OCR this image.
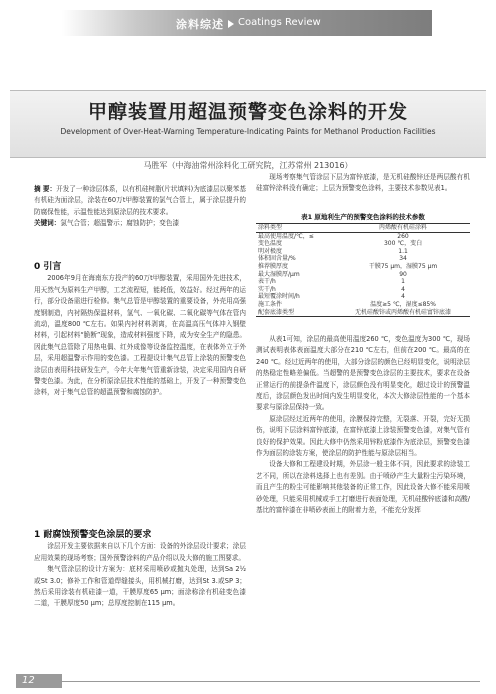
涂料综述 Coatings Review
甲醇装置用超温预警变色涂料的开发
Development of Over-Heat-Warning Temperature-Indicating Paints for Methanol Production Facilities
马胜军（中海油常州涂料化工研究院，江苏常州 213016）

摘 要：开发了一种涂层体系，以有机硅树脂(片状填料)为底漆层以聚苯基有机硅为面涂层，涂装在60万t甲醇装置的氯气合管上，属于涂层提升的防腐保性能，示温性能达到原涂层的技术要求。

关键词：氯气合管；超温警示；腐蚀防护；变色漆

0 引言

2006年9月在海南东方投产的60万t甲醇装置，采用国外先进技术，用天然气为原料生产甲醇，工艺流程短，能耗低，效益好。经过两年的运行，部分设备需进行检修。集气总管是甲醇装置的重要设备，外壳用高强度钢制造，内衬隔热保温材料，氢气、一氧化碳、二氧化碳等气体在管内流动，温度800 ℃左右。如果内衬材料剥离，在高温高压气体冲入钢壁材料，引起材料“脆断”现象，造成材料强度下降，成为安全生产的隐患。因此集气总管除了用热电偶、红外成像等设备监控温度，在表体外立于外层，采用超温警示作用的变色漆。工程提设计集气总管上涂装的预警变色涂层由表用科技研发生产，今年大年集气管重新涂装，决定采用国内自研警变色漆。为此，在分析原涂层技术性能的基础上，开发了一种预警变色涂料，对于集气总管的超温预警和腐蚀防护。

1 耐腐蚀预警变色涂层的要求

涂层开发主要依据来自以下几个方面：设备的外涂层设计要求；涂层应用效果的现场考察；国外预警涂料的产品介绍以及大修的施工图要求。

集气管涂层的设计方案为：底材采用喷砂或抛丸处理，达到Sa 2½或St 3.0；修补工作和管道焊缝接头，用机械打磨，达到St 3.或SP 3；然后采用涂装有机硅漆一道，干膜厚度65 μm；面涂称涂有机硅变色漆二道，干膜厚度50 μm；总厚度控制在115 μm。

现场考察集气管涂层下层为富锌底漆，是无机硅酸锌还是两层酸有机硅富锌涂料没有确定；上层为预警变色涂料，主要技术参数见表1。

表1 原地利生产的预警变色涂料的技术参数
涂料类型	丙烯酸有机硅涂料
最高使用温度/℃，≤	260
变色温度	300 ℃，变白
明对极度	1.1
体积固含量/%	34
推荐膜厚度	干膜75 μm，湿膜75 μm
最大湿膜厚/μm	90
表干/h	1
实干/h	4
最短覆涂时间/h	4
施工条件	温度≥5 ℃，湿度≤85%
配套底漆类型	无机硅酸锌或丙烯酸有机硅富锌底漆

从表1可知，涂层的最高使用温度260 ℃，变色温度为300 ℃，现场测试表明表体表面温度大部分在210 ℃左右，但前在200 ℃。最高的在240 ℃。经过近两年的使用，大部分涂层的颜色已经明显变化，说明涂层的热稳定性略差偏低。当超警的是预警变色涂层的主要技术，要求在设备正常运行的前提条件温度下，涂层颜色没有明显变化，超过设计的预警温度后，涂层颜色发出时间内发生明显变化，本次大修涂层性能的一个基本要求与原涂层保持一致。

原涂层经过近两年的使用，涂膜保持完整，无裂落、开裂，完好无损伤，说明下层涂料富锌底漆，在富锌底漆上涂装预警变色漆，对集气管有良好的保护效果。因此大修中仍然采用锌粉底漆作为底涂层，预警变色漆作为面层的涂装方案，使涂层的防护性能与原涂层相当。

设备大修和工程建设时期，外层涂一般主体不同，因此要求的涂装工艺不同，所以在涂料选择上也有差别。由于喷砂产生大量粉尘污染环境，而且产生的粉尘可能影响其他装备的正常工作，因此设备大修不能采用喷砂处理，只能采用机械或手工打磨进行表面处理，无机硅酸锌底漆和高酸/基比的富锌漆在非喷砂表面上的附着力差，不能充分发挥

12
